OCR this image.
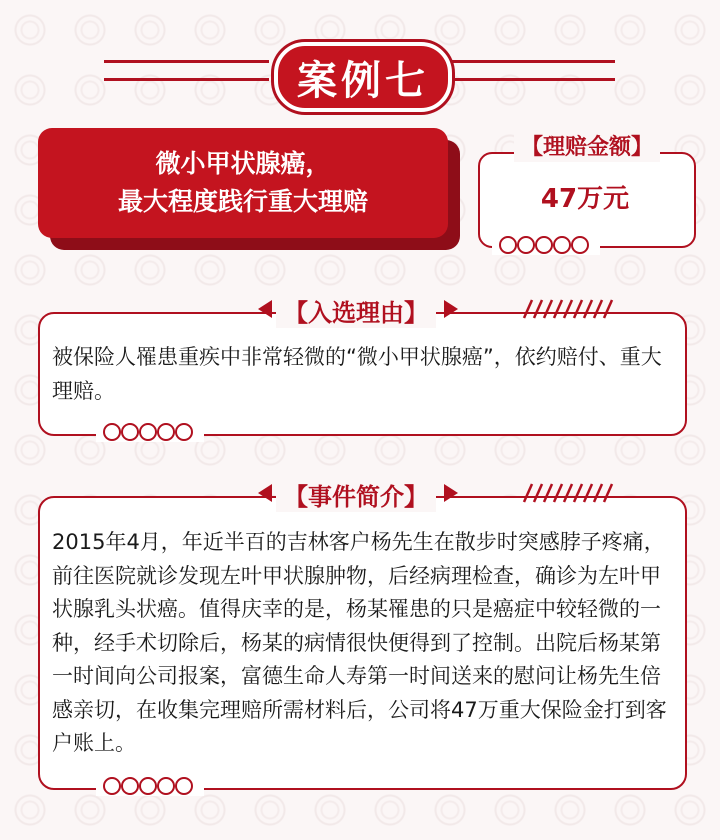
案例七
微小甲状腺癌，
最大程度践行重大理赔
【理赔金额】
47万元
【入选理由】
被保险人罹患重疾中非常轻微的“微小甲状腺癌”，依约赔付、重大理赔。
【事件简介】
2015年4月，年近半百的吉林客户杨先生在散步时突感脖子疼痛，前往医院就诊发现左叶甲状腺肿物，后经病理检查，确诊为左叶甲状腺乳头状癌。值得庆幸的是，杨某罹患的只是癌症中较轻微的一种，经手术切除后，杨某的病情很快便得到了控制。出院后杨某第一时间向公司报案，富德生命人寿第一时间送来的慰问让杨先生倍感亲切，在收集完理赔所需材料后，公司将47万重大保险金打到客户账上。
